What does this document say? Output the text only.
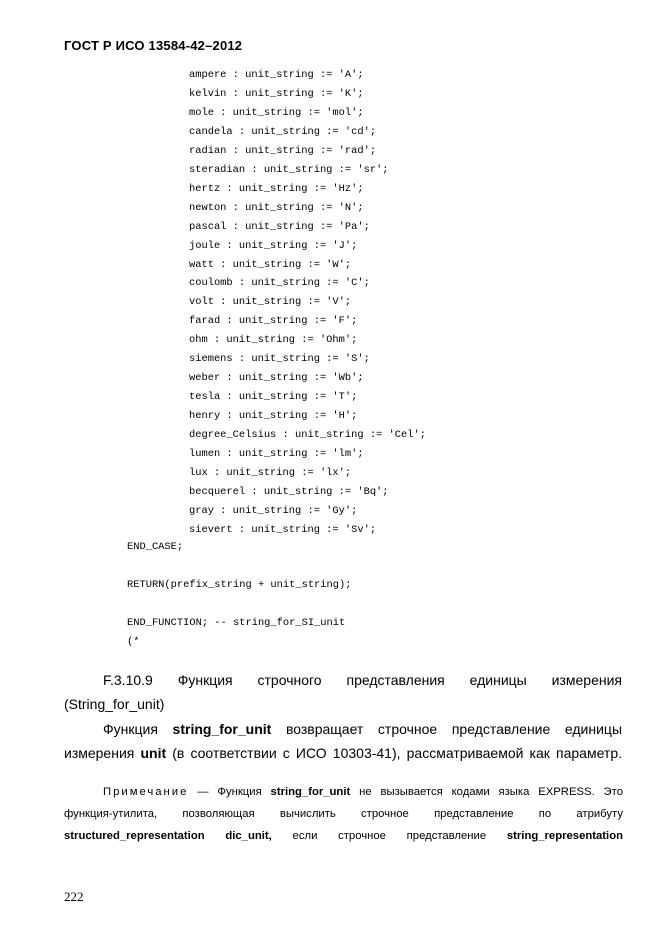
ГОСТ Р ИСО 13584-42–2012
ampere : unit_string := 'A';
kelvin : unit_string := 'K';
mole : unit_string := 'mol';
candela : unit_string := 'cd';
radian : unit_string := 'rad';
steradian : unit_string := 'sr';
hertz : unit_string := 'Hz';
newton : unit_string := 'N';
pascal : unit_string := 'Pa';
joule : unit_string := 'J';
watt : unit_string := 'W';
coulomb : unit_string := 'C';
volt : unit_string := 'V';
farad : unit_string := 'F';
ohm : unit_string := 'Ohm';
siemens : unit_string := 'S';
weber : unit_string := 'Wb';
tesla : unit_string := 'T';
henry : unit_string := 'H';
degree_Celsius : unit_string := 'Cel';
lumen : unit_string := 'lm';
lux : unit_string := 'lx';
becquerel : unit_string := 'Bq';
gray : unit_string := 'Gy';
sievert : unit_string := 'Sv';
END_CASE;
RETURN(prefix_string + unit_string);
END_FUNCTION; -- string_for_SI_unit
(*
F.3.10.9 Функция строчного представления единицы измерения
(String_for_unit)
Функция string_for_unit возвращает строчное представление единицы
измерения unit (в соответствии с ИСО 10303-41), рассматриваемой как параметр.
Примечание — Функция string_for_unit не вызывается кодами языка EXPRESS. Это
функция-утилита, позволяющая вычислить строчное представление по атрибуту
structured_representation dic_unit, если строчное представление string_representation
222
